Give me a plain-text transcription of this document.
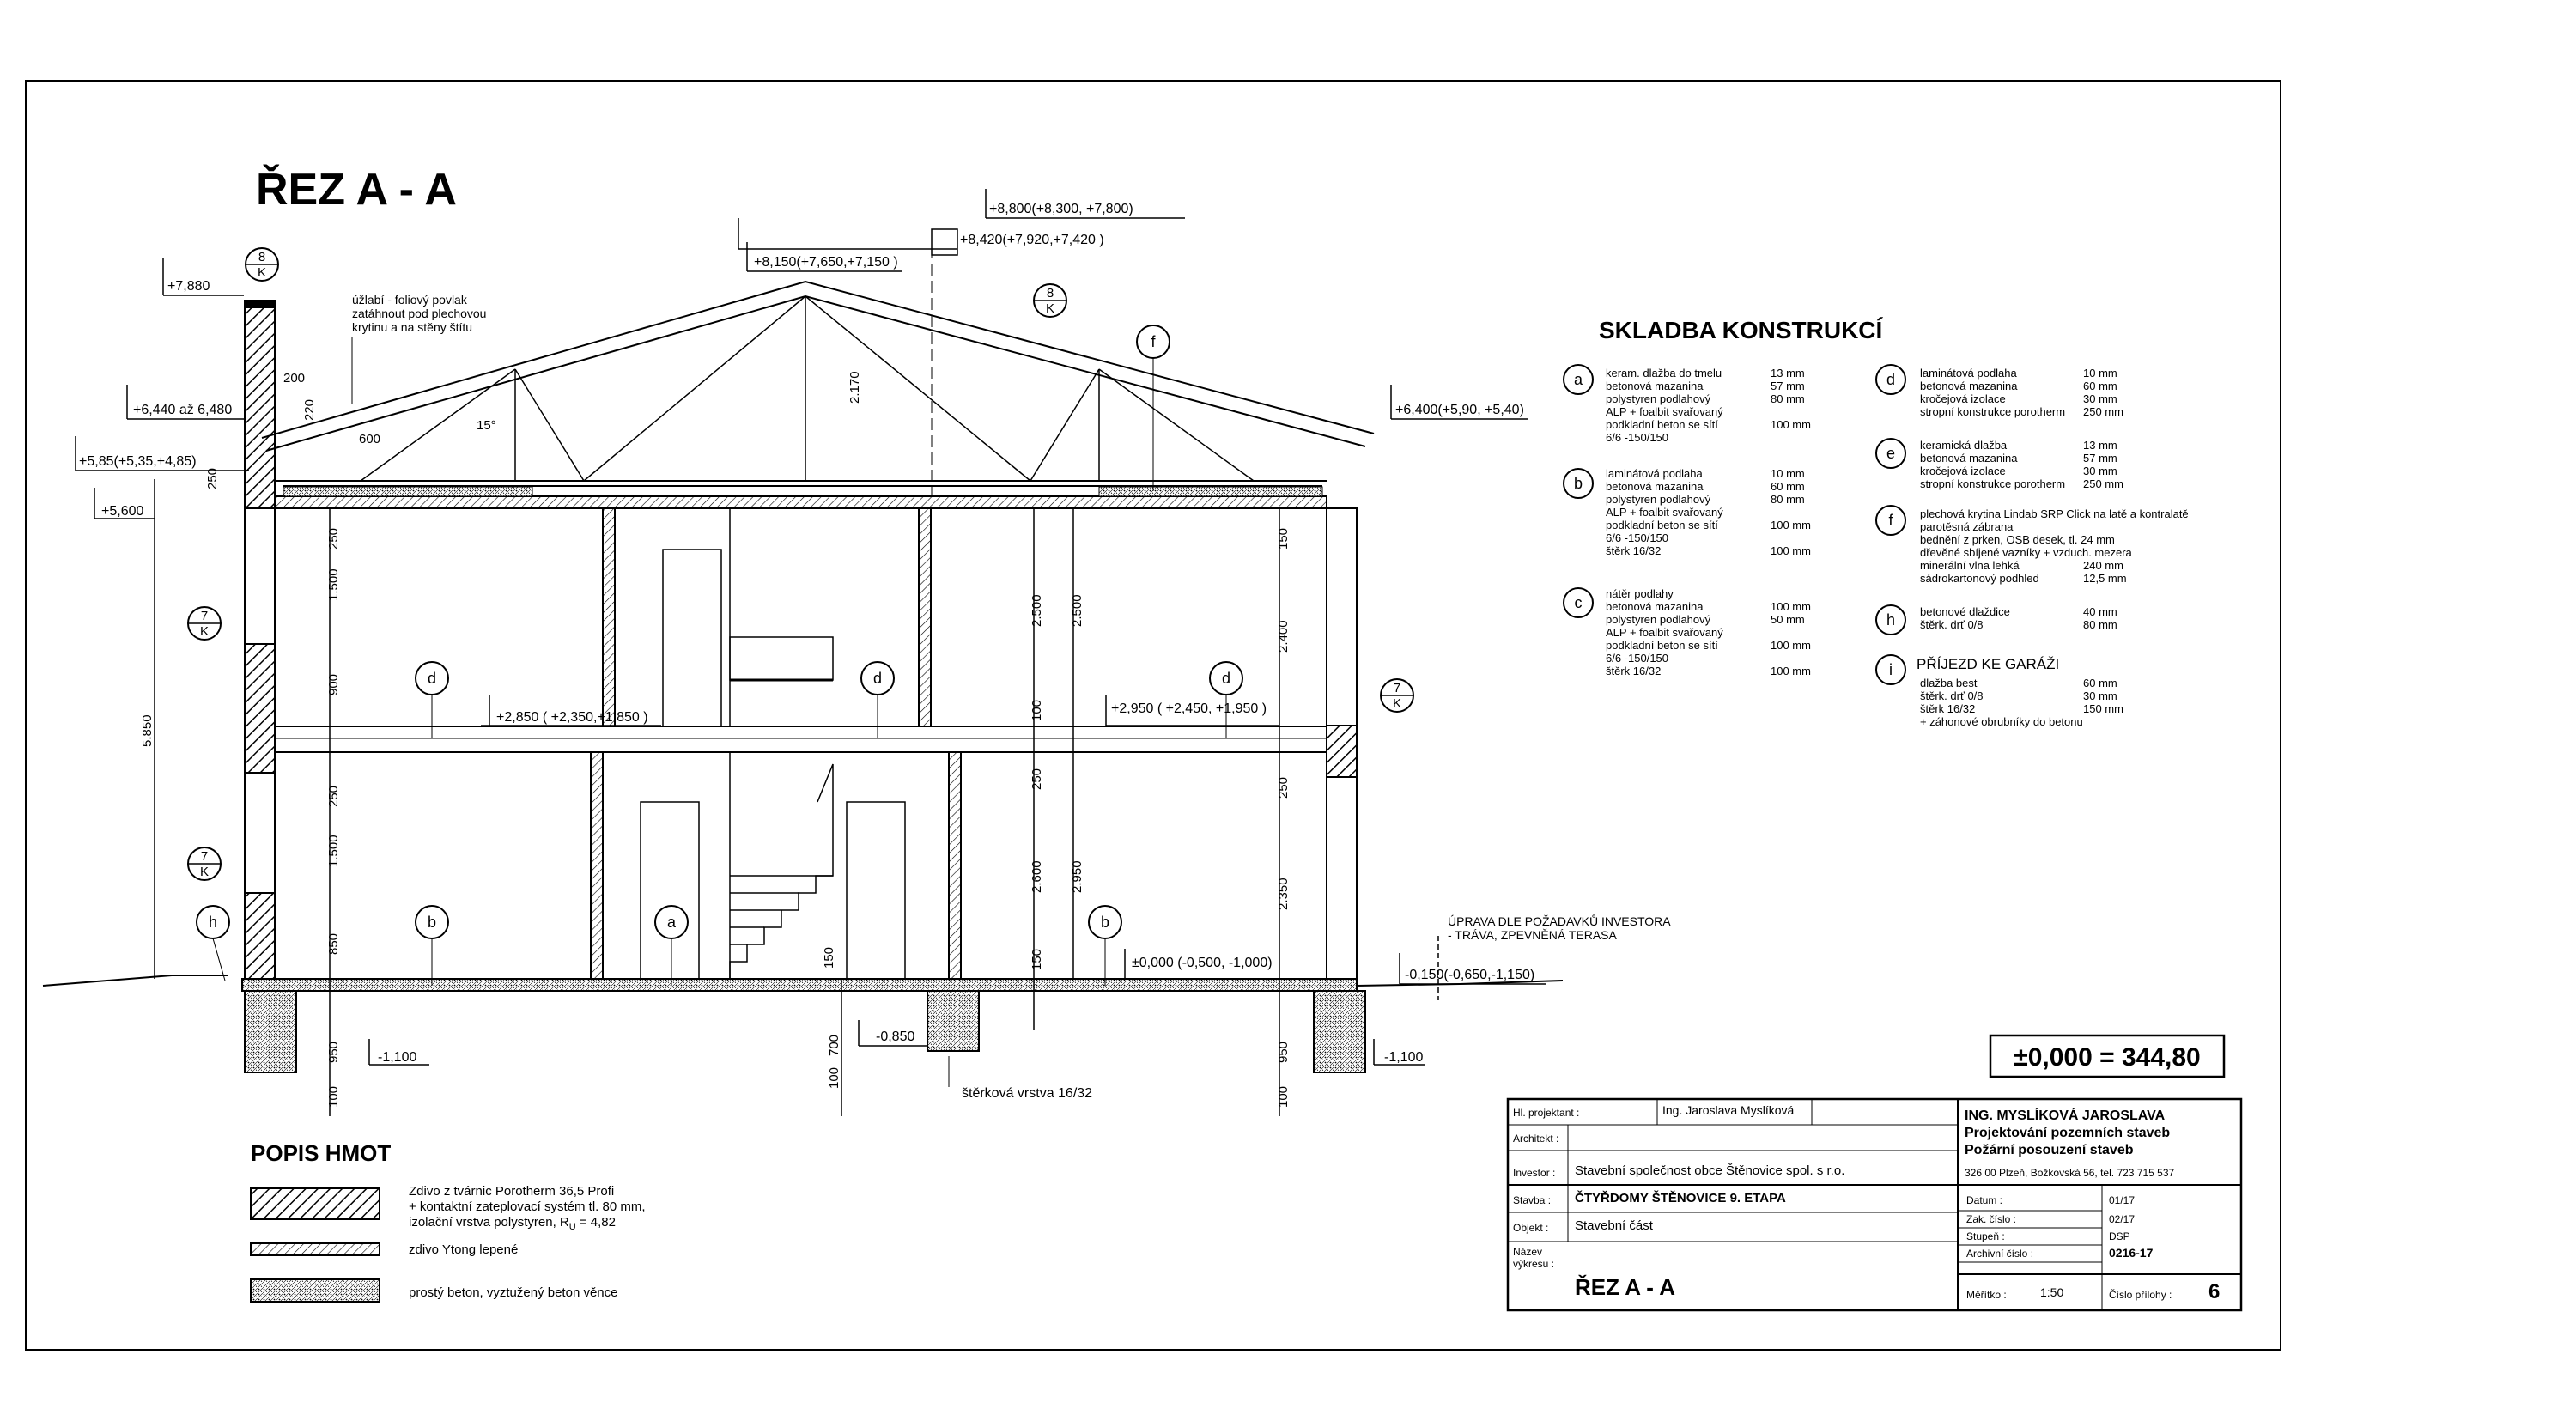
ŘEZ A - A
+7,880
+6,440 až 6,480
+5,85(+5,35,+4,85)
+5,600
+8,800(+8,300, +7,800)
+8,420(+7,920,+7,420 )
+8,150(+7,650,+7,150 )
+6,400(+5,90, +5,40)
+2,850 ( +2,350,+1,850 )
+2,950 ( +2,450, +1,950 )
±0,000 (-0,500, -1,000)
-0,150(-0,650,-1,150)
-1,100
-0,850
-1,100
5.850
250
1.500
900
250
1.500
850
950
100
2.500 2.500
100
250
2.600 2.950
150
150
2.400
250
2.350
950
100
150
700
100
2.170
200
220
600
15°
250
úžlabí - foliový povlak
zatáhnout pod plechovou
krytinu a na stěny štítu
štěrková vrstva 16/32
ÚPRAVA DLE POŽADAVKŮ INVESTORA
- TRÁVA, ZPEVNĚNÁ TERASA
8
K
8
K
7
K
7
K
7
K
f
d	d	d
b	a	b
h
SKLADBA KONSTRUKCÍ
a keram. dlažba do tmelu	13 mm
betonová mazanina	57 mm
polystyren podlahový	80 mm
ALP + foalbit svařovaný
podkladní beton se sítí	100 mm
6/6 -150/150
b
laminátová podlaha	10 mm
betonová mazanina	60 mm
polystyren podlahový	80 mm
ALP + foalbit svařovaný
podkladní beton se sítí	100 mm
6/6 -150/150
štěrk 16/32	100 mm
c
nátěr podlahy
betonová mazanina	100 mm
polystyren podlahový	50 mm
ALP + foalbit svařovaný
podkladní beton se sítí	100 mm
6/6 -150/150
štěrk 16/32	100 mm
d laminátová podlaha	10 mm
betonová mazanina	60 mm
kročejová izolace	30 mm
stropní konstrukce porotherm 250 mm
e keramická dlažba	13 mm
betonová mazanina	57 mm
kročejová izolace	30 mm
stropní konstrukce porotherm 250 mm
f plechová krytina Lindab SRP Click na latě a kontralatě
parotěsná zábrana
bednění z prken, OSB desek, tl. 24 mm
dřevěné sbíjené vazníky + vzduch. mezera
minerální vlna lehká	240 mm
sádrokartonový podhled	12,5 mm
h betonové dlaždice	40 mm
štěrk. drť 0/8	80 mm
i PŘÍJEZD KE GARÁŽI
dlažba best	60 mm
štěrk. drť 0/8	30 mm
štěrk 16/32	150 mm
+ záhonové obrubníky do betonu
±0,000 = 344,80
POPIS HMOT
Zdivo z tvárnic Porotherm 36,5 Profi
+ kontaktní zateplovací systém tl. 80 mm,
izolační vrstva polystyren, $R_U = 4,82$
zdivo Ytong lepené
prostý beton, vyztužený beton věnce
Hl. projektant :	Ing. Jaroslava Myslíková
Architekt :
Investor : Stavební společnost obce Štěnovice spol. s r.o.
Stavba : ČTYŘDOMY ŠTĚNOVICE 9. ETAPA
Objekt : Stavební část
Název
výkresu :
ŘEZ A - A
ING. MYSLÍKOVÁ JAROSLAVA
Projektování pozemních staveb
Požární posouzení staveb
326 00 Plzeň, Božkovská 56, tel. 723 715 537
Datum :	01/17
Zak. číslo :	02/17
Stupeň :	DSP
Archivní číslo :	0216-17
Měřítko :	1:50	Číslo přílohy : 6
